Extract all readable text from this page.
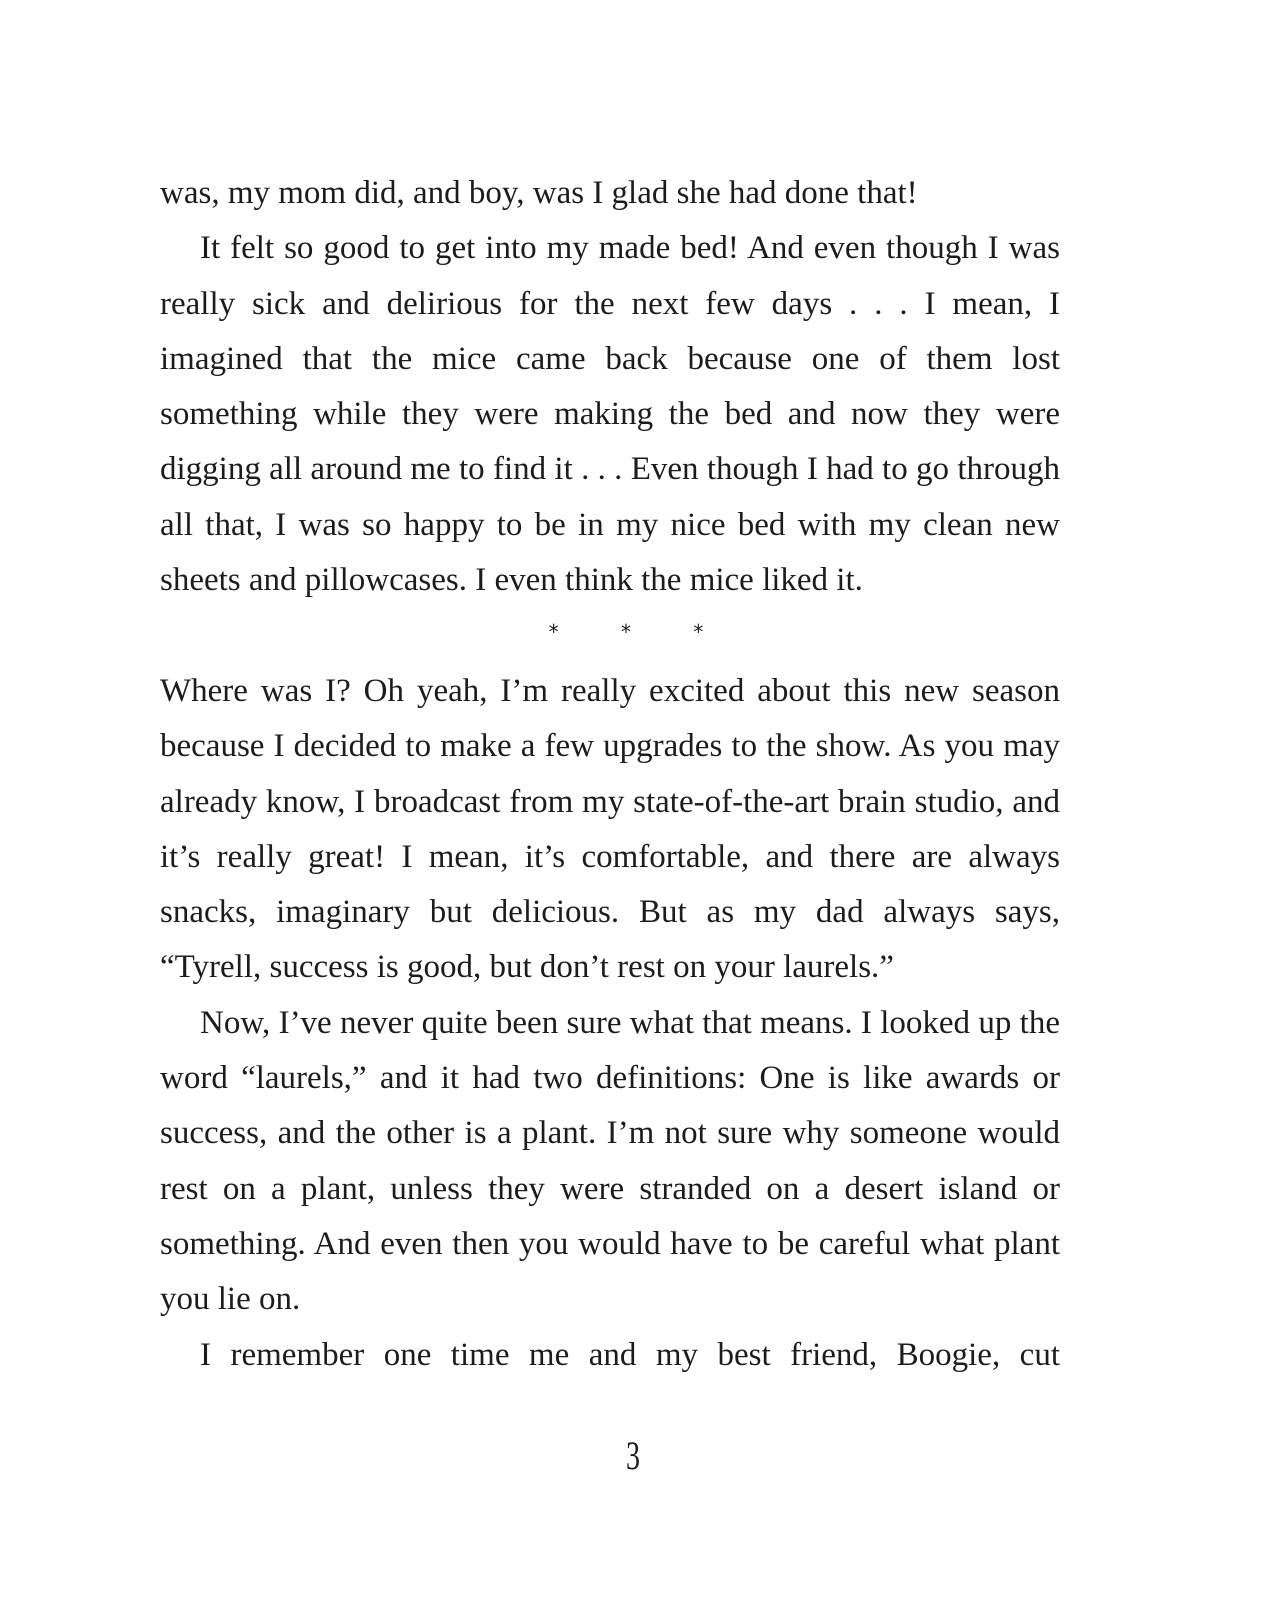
was, my mom did, and boy, was I glad she had done that!

It felt so good to get into my made bed! And even though I was really sick and delirious for the next few days . . . I mean, I imagined that the mice came back because one of them lost something while they were making the bed and now they were digging all around me to find it . . . Even though I had to go through all that, I was so happy to be in my nice bed with my clean new sheets and pillowcases. I even think the mice liked it.

* * *

Where was I? Oh yeah, I’m really excited about this new season because I decided to make a few upgrades to the show. As you may already know, I broadcast from my state-of-the-art brain studio, and it’s really great! I mean, it’s comfortable, and there are always snacks, imaginary but delicious. But as my dad always says, “Tyrell, success is good, but don’t rest on your laurels.”

Now, I’ve never quite been sure what that means. I looked up the word “laurels,” and it had two definitions: One is like awards or success, and the other is a plant. I’m not sure why someone would rest on a plant, unless they were stranded on a desert island or something. And even then you would have to be careful what plant you lie on.

I remember one time me and my best friend, Boogie, cut

3
